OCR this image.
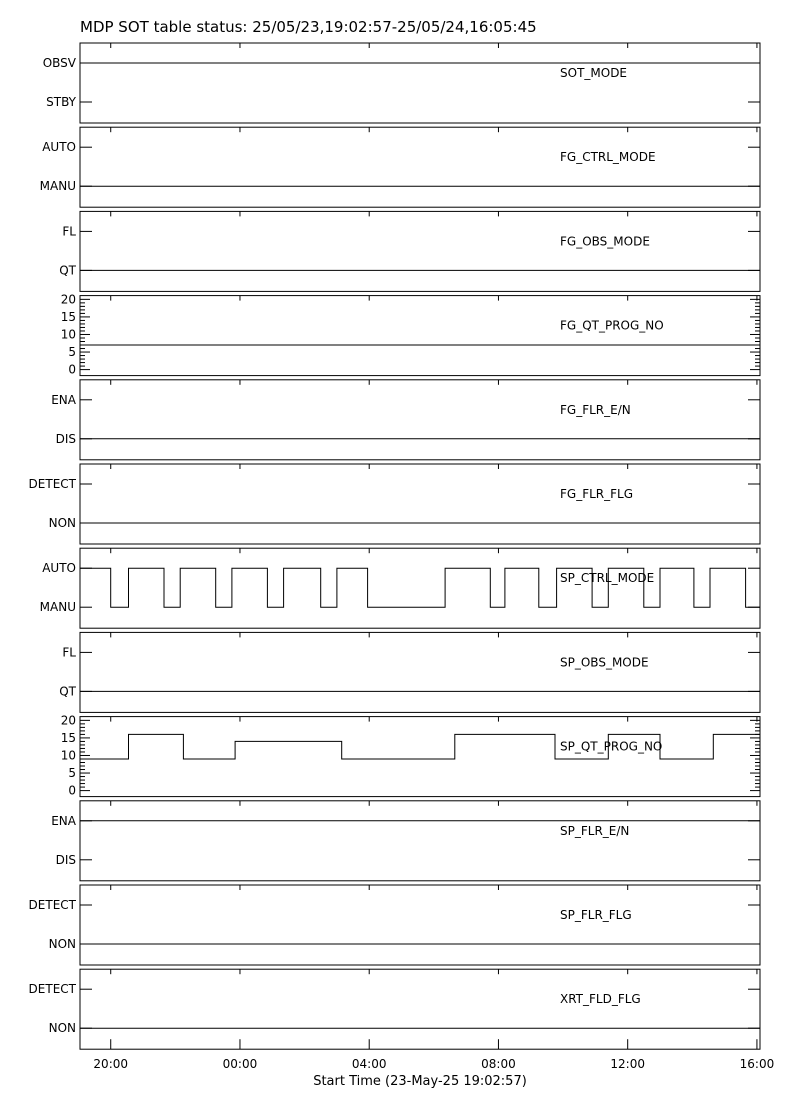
MDP SOT table status: 25/05/23,19:02:57-25/05/24,16:05:45
OBSV
STBY
SOT_MODE
AUTO
MANU
FG_CTRL_MODE
FL
QT
FG_OBS_MODE
0
5
10
15
20
FG_QT_PROG_NO
ENA
DIS
FG_FLR_E/N
DETECT
NON
FG_FLR_FLG
AUTO
MANU
SP_CTRL_MODE
FL
QT
SP_OBS_MODE
0
5
10
15
20
SP_QT_PROG_NO
ENA
DIS
SP_FLR_E/N
DETECT
NON
SP_FLR_FLG
DETECT
NON
XRT_FLD_FLG
20:00	00:00	04:00	08:00	12:00	16:00
Start Time (23-May-25 19:02:57)
